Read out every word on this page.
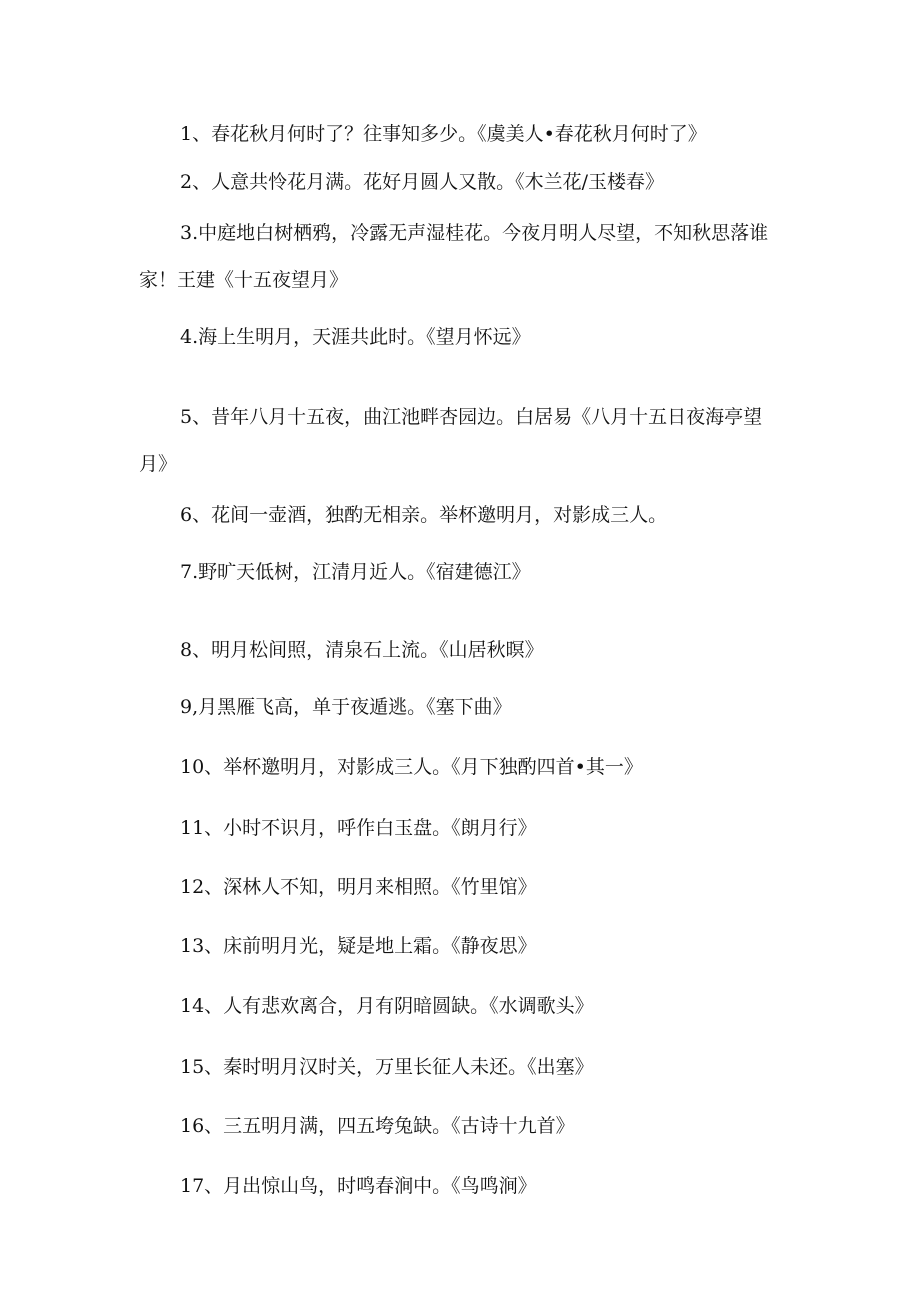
1、春花秋月何时了？往事知多少。《虞美人•春花秋月何时了》
2、人意共怜花月满。花好月圆人又散。《木兰花/玉楼春》
3.中庭地白树栖鸦，冷露无声湿桂花。今夜月明人尽望，不知秋思落谁家！王建《十五夜望月》
4.海上生明月，天涯共此时。《望月怀远》
5、昔年八月十五夜，曲江池畔杏园边。白居易《八月十五日夜海亭望月》
6、花间一壶酒，独酌无相亲。举杯邀明月，对影成三人。
7.野旷天低树，江清月近人。《宿建德江》
8、明月松间照，清泉石上流。《山居秋暝》
9,月黑雁飞高，单于夜遁逃。《塞下曲》
10、举杯邀明月，对影成三人。《月下独酌四首•其一》
11、小时不识月，呼作白玉盘。《朗月行》
12、深林人不知，明月来相照。《竹里馆》
13、床前明月光，疑是地上霜。《静夜思》
14、人有悲欢离合，月有阴暗圆缺。《水调歌头》
15、秦时明月汉时关，万里长征人未还。《出塞》
16、三五明月满，四五垮兔缺。《古诗十九首》
17、月出惊山鸟，时鸣春涧中。《鸟鸣涧》
